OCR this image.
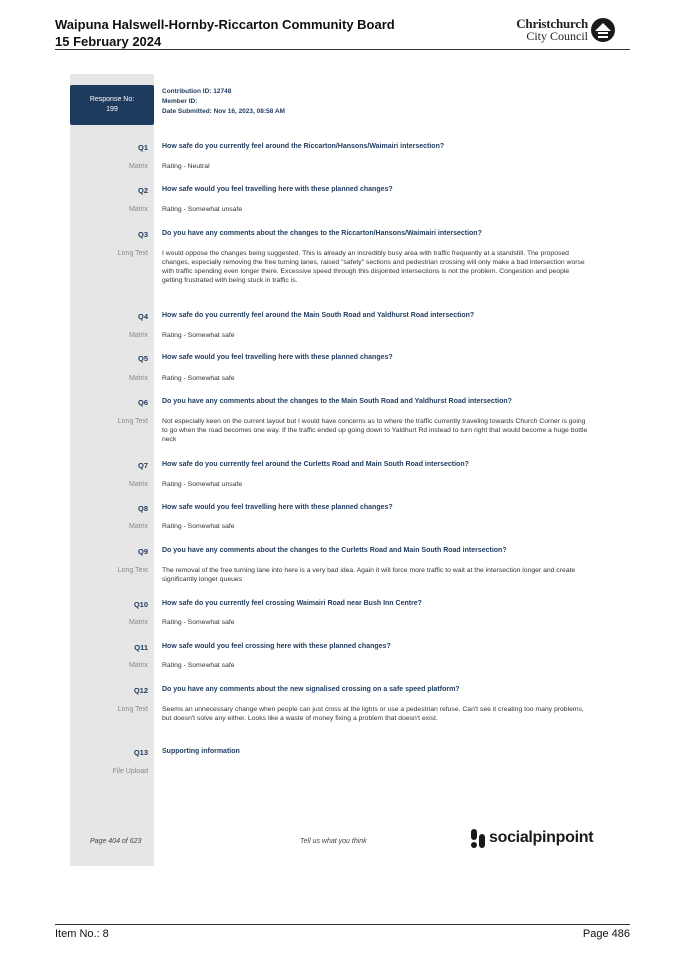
Waipuna Halswell-Hornby-Riccarton Community Board
15 February 2024
Christchurch
City Council
Response No:
199
Contribution ID: 12748
Member ID:
Date Submitted: Nov 16, 2023, 08:58 AM
Q1 How safe do you currently feel around the Riccarton/Hansons/Waimairi intersection?
Matrix Rating - Neutral
Q2 How safe would you feel travelling here with these planned changes?
Matrix Rating - Somewhat unsafe
Q3 Do you have any comments about the changes to the Riccarton/Hansons/Waimairi intersection?
Long Text I would oppose the changes being suggested. This is already an incredibly busy area with traffic frequently at a standstill. The proposed changes, especially removing the free turning lanes, raised "safety" sections and pedestrian crossing will only make a bad intersection worse with traffic spending even longer there. Excessive speed through this disjointed intersections is not the problem. Congestion and people getting frustrated with being stuck in traffic is.
Q4 How safe do you currently feel around the Main South Road and Yaldhurst Road intersection?
Matrix Rating - Somewhat safe
Q5 How safe would you feel travelling here with these planned changes?
Matrix Rating - Somewhat safe
Q6 Do you have any comments about the changes to the Main South Road and Yaldhurst Road intersection?
Long Text Not especially keen on the current layout but I would have concerns as to where the traffic currently traveling towards Church Corner is going to go when the road becomes one way. If the traffic ended up going down to Yaldhurt Rd instead to turn right that would become a huge bottle neck
Q7 How safe do you currently feel around the Curletts Road and Main South Road intersection?
Matrix Rating - Somewhat unsafe
Q8 How safe would you feel travelling here with these planned changes?
Matrix Rating - Somewhat safe
Q9 Do you have any comments about the changes to the Curletts Road and Main South Road intersection?
Long Text The removal of the free turning lane into here is a very bad idea. Again it will force more traffic to wait at the intersection longer and create significantly longer queues
Q10 How safe do you currently feel crossing Waimairi Road near Bush Inn Centre?
Matrix Rating - Somewhat safe
Q11 How safe would you feel crossing here with these planned changes?
Matrix Rating - Somewhat safe
Q12 Do you have any comments about the new signalised crossing on a safe speed platform?
Long Text Seems an unnecessary change when people can just cross at the lights or use a pedestrian refuse. Can't see it creating too many problems, but doesn't solve any either. Looks like a waste of money fixing a problem that doesn't exist.
Q13 Supporting information
File Upload
Page 404 of 623	Tell us what you think	socialpinpoint
Item No.: 8	Page 486
